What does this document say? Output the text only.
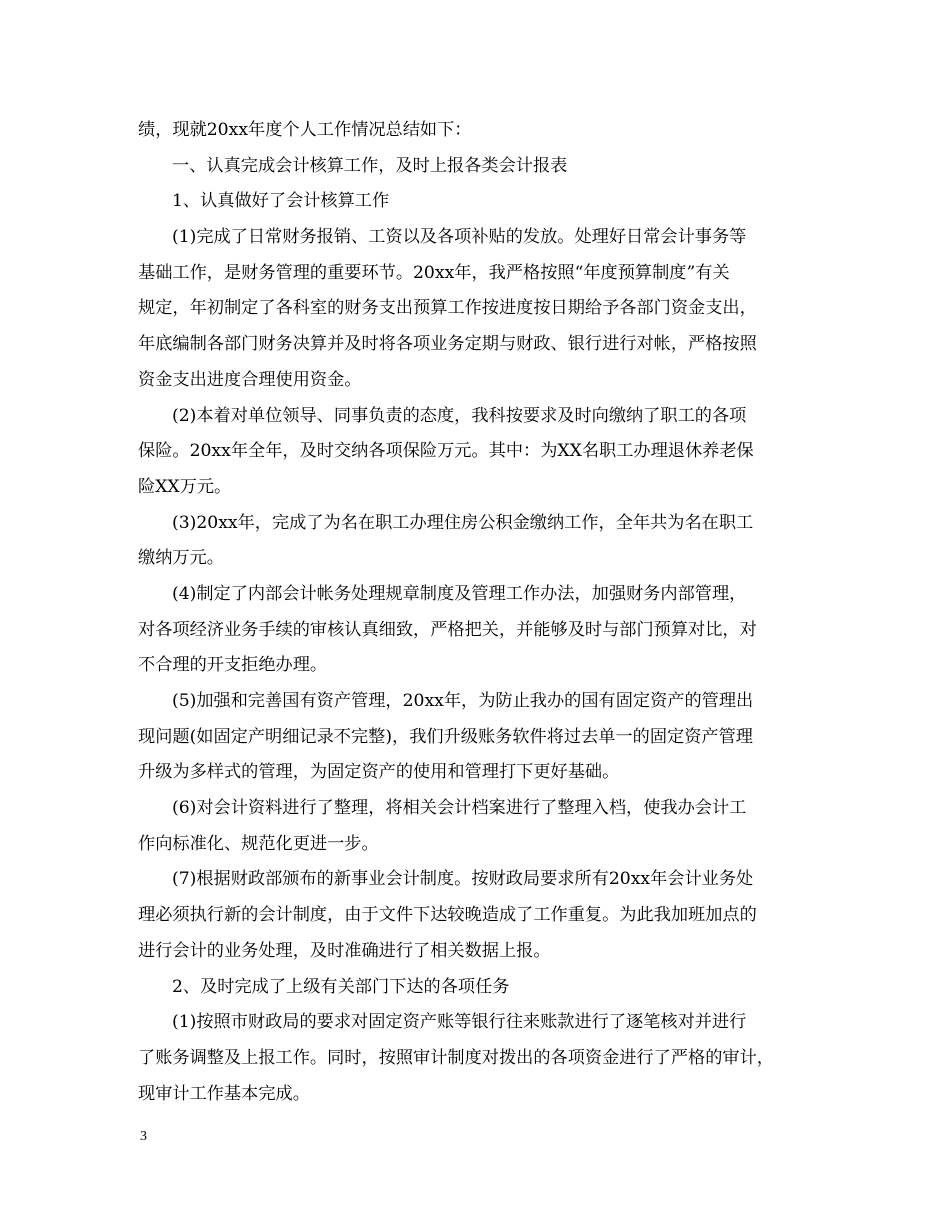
绩，现就20xx年度个人工作情况总结如下：
一、认真完成会计核算工作，及时上报各类会计报表
1、认真做好了会计核算工作
(1)完成了日常财务报销、工资以及各项补贴的发放。处理好日常会计事务等
基础工作，是财务管理的重要环节。20xx年，我严格按照“年度预算制度”有关
规定，年初制定了各科室的财务支出预算工作按进度按日期给予各部门资金支出，
年底编制各部门财务决算并及时将各项业务定期与财政、银行进行对帐，严格按照
资金支出进度合理使用资金。
(2)本着对单位领导、同事负责的态度，我科按要求及时向缴纳了职工的各项
保险。20xx年全年，及时交纳各项保险万元。其中：为XX名职工办理退休养老保
险XX万元。
(3)20xx年，完成了为名在职工办理住房公积金缴纳工作，全年共为名在职工
缴纳万元。
(4)制定了内部会计帐务处理规章制度及管理工作办法，加强财务内部管理，
对各项经济业务手续的审核认真细致，严格把关，并能够及时与部门预算对比，对
不合理的开支拒绝办理。
(5)加强和完善国有资产管理，20xx年，为防止我办的国有固定资产的管理出
现问题(如固定产明细记录不完整)，我们升级账务软件将过去单一的固定资产管理
升级为多样式的管理，为固定资产的使用和管理打下更好基础。
(6)对会计资料进行了整理，将相关会计档案进行了整理入档，使我办会计工
作向标准化、规范化更进一步。
(7)根据财政部颁布的新事业会计制度。按财政局要求所有20xx年会计业务处
理必须执行新的会计制度，由于文件下达较晚造成了工作重复。为此我加班加点的
进行会计的业务处理，及时准确进行了相关数据上报。
2、及时完成了上级有关部门下达的各项任务
(1)按照市财政局的要求对固定资产账等银行往来账款进行了逐笔核对并进行
了账务调整及上报工作。同时，按照审计制度对拨出的各项资金进行了严格的审计，
现审计工作基本完成。
3
